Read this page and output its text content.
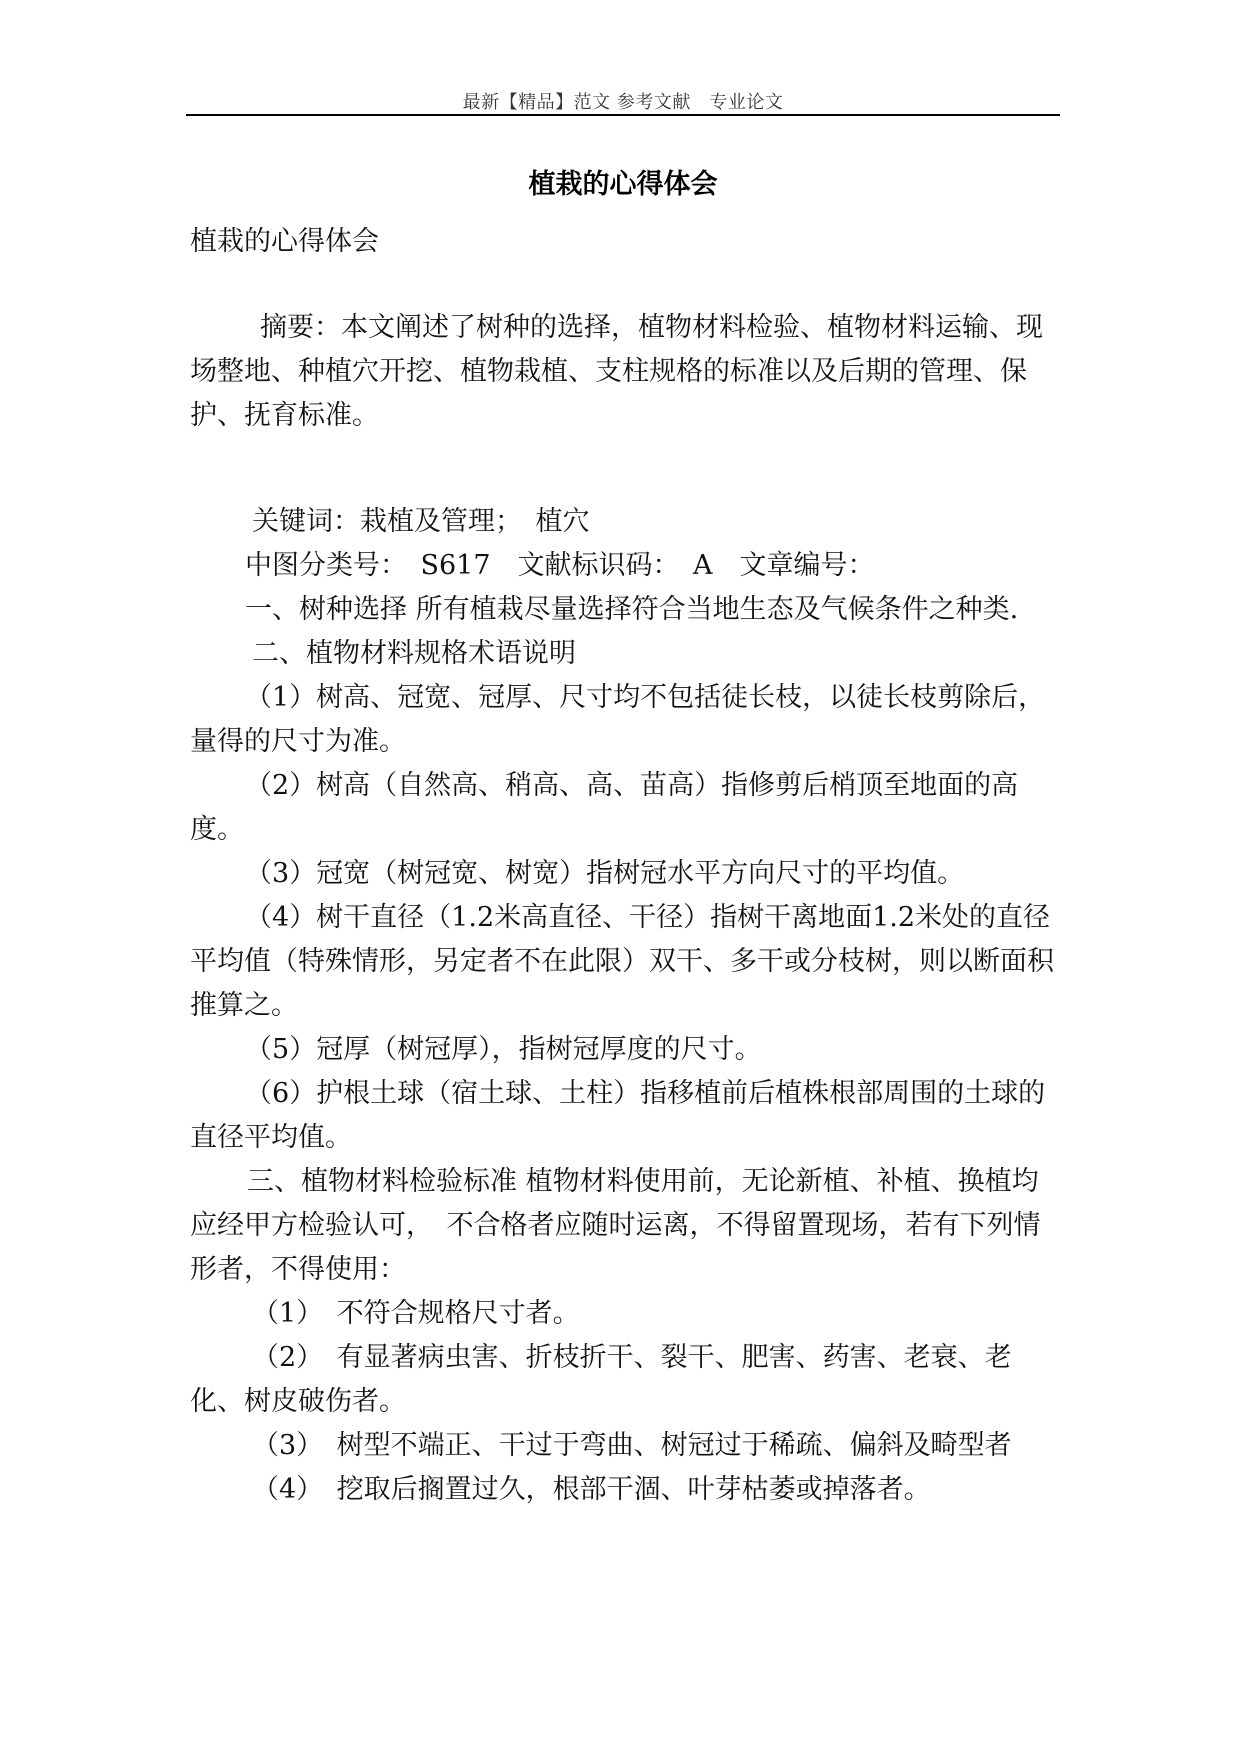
最新【精品】范文 参考文献　专业论文
植栽的心得体会

植栽的心得体会

摘要：本文阐述了树种的选择，植物材料检验、植物材料运输、现场整地、种植穴开挖、植物栽植、支柱规格的标准以及后期的管理、保护、抚育标准。

关键词：栽植及管理；　植穴

中图分类号：　S617　文献标识码：　A　文章编号：

一、树种选择 所有植栽尽量选择符合当地生态及气候条件之种类.

二、植物材料规格术语说明

（1）树高、冠宽、冠厚、尺寸均不包括徒长枝，以徒长枝剪除后，量得的尺寸为准。

（2）树高（自然高、稍高、高、苗高）指修剪后梢顶至地面的高度。

（3）冠宽（树冠宽、树宽）指树冠水平方向尺寸的平均值。

（4）树干直径（1.2米高直径、干径）指树干离地面1.2米处的直径平均值（特殊情形，另定者不在此限）双干、多干或分枝树，则以断面积推算之。

（5）冠厚（树冠厚），指树冠厚度的尺寸。

（6）护根土球（宿土球、土柱）指移植前后植株根部周围的土球的直径平均值。

三、植物材料检验标准 植物材料使用前，无论新植、补植、换植均应经甲方检验认可，　不合格者应随时运离，不得留置现场，若有下列情形者，不得使用：

（1）　不符合规格尺寸者。

（2）　有显著病虫害、折枝折干、裂干、肥害、药害、老衰、老化、树皮破伤者。

（3）　树型不端正、干过于弯曲、树冠过于稀疏、偏斜及畸型者

（4）　挖取后搁置过久，根部干涸、叶芽枯萎或掉落者。
